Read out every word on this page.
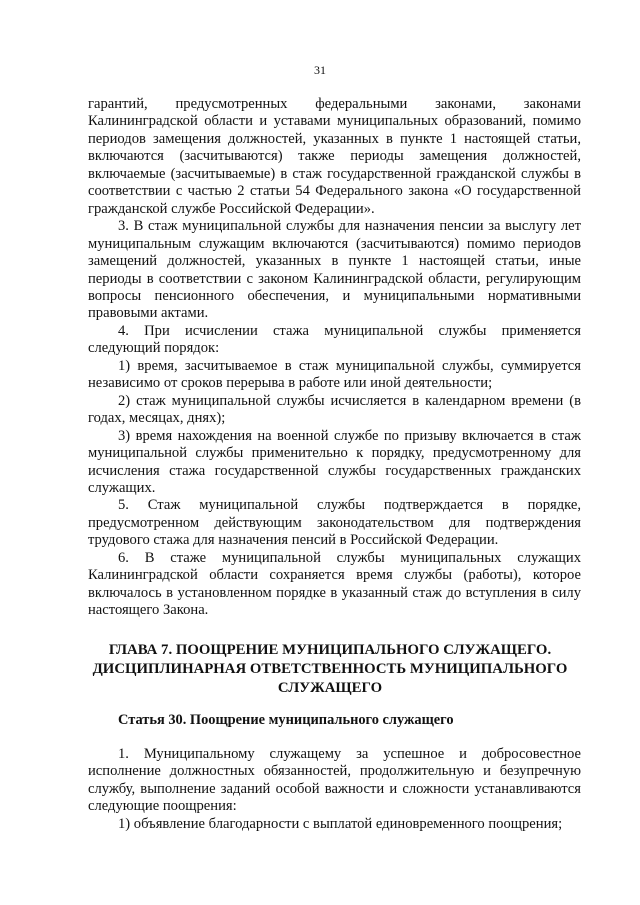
31

гарантий, предусмотренных федеральными законами, законами Калининградской области и уставами муниципальных образований, помимо периодов замещения должностей, указанных в пункте 1 настоящей статьи, включаются (засчитываются) также периоды замещения должностей, включаемые (засчитываемые) в стаж государственной гражданской службы в соответствии с частью 2 статьи 54 Федерального закона «О государственной гражданской службе Российской Федерации».

3. В стаж муниципальной службы для назначения пенсии за выслугу лет муниципальным служащим включаются (засчитываются) помимо периодов замещений должностей, указанных в пункте 1 настоящей статьи, иные периоды в соответствии с законом Калининградской области, регулирующим вопросы пенсионного обеспечения, и муниципальными нормативными правовыми актами.

4. При исчислении стажа муниципальной службы применяется следующий порядок:

1) время, засчитываемое в стаж муниципальной службы, суммируется независимо от сроков перерыва в работе или иной деятельности;

2) стаж муниципальной службы исчисляется в календарном времени (в годах, месяцах, днях);

3) время нахождения на военной службе по призыву включается в стаж муниципальной службы применительно к порядку, предусмотренному для исчисления стажа государственной службы государственных гражданских служащих.

5. Стаж муниципальной службы подтверждается в порядке, предусмотренном действующим законодательством для подтверждения трудового стажа для назначения пенсий в Российской Федерации.

6. В стаже муниципальной службы муниципальных служащих Калининградской области сохраняется время службы (работы), которое включалось в установленном порядке в указанный стаж до вступления в силу настоящего Закона.

ГЛАВА 7. ПООЩРЕНИЕ МУНИЦИПАЛЬНОГО СЛУЖАЩЕГО.
ДИСЦИПЛИНАРНАЯ ОТВЕТСТВЕННОСТЬ МУНИЦИПАЛЬНОГО
СЛУЖАЩЕГО
Статья 30. Поощрение муниципального служащего

1. Муниципальному служащему за успешное и добросовестное исполнение должностных обязанностей, продолжительную и безупречную службу, выполнение заданий особой важности и сложности устанавливаются следующие поощрения:

1) объявление благодарности с выплатой единовременного поощрения;
